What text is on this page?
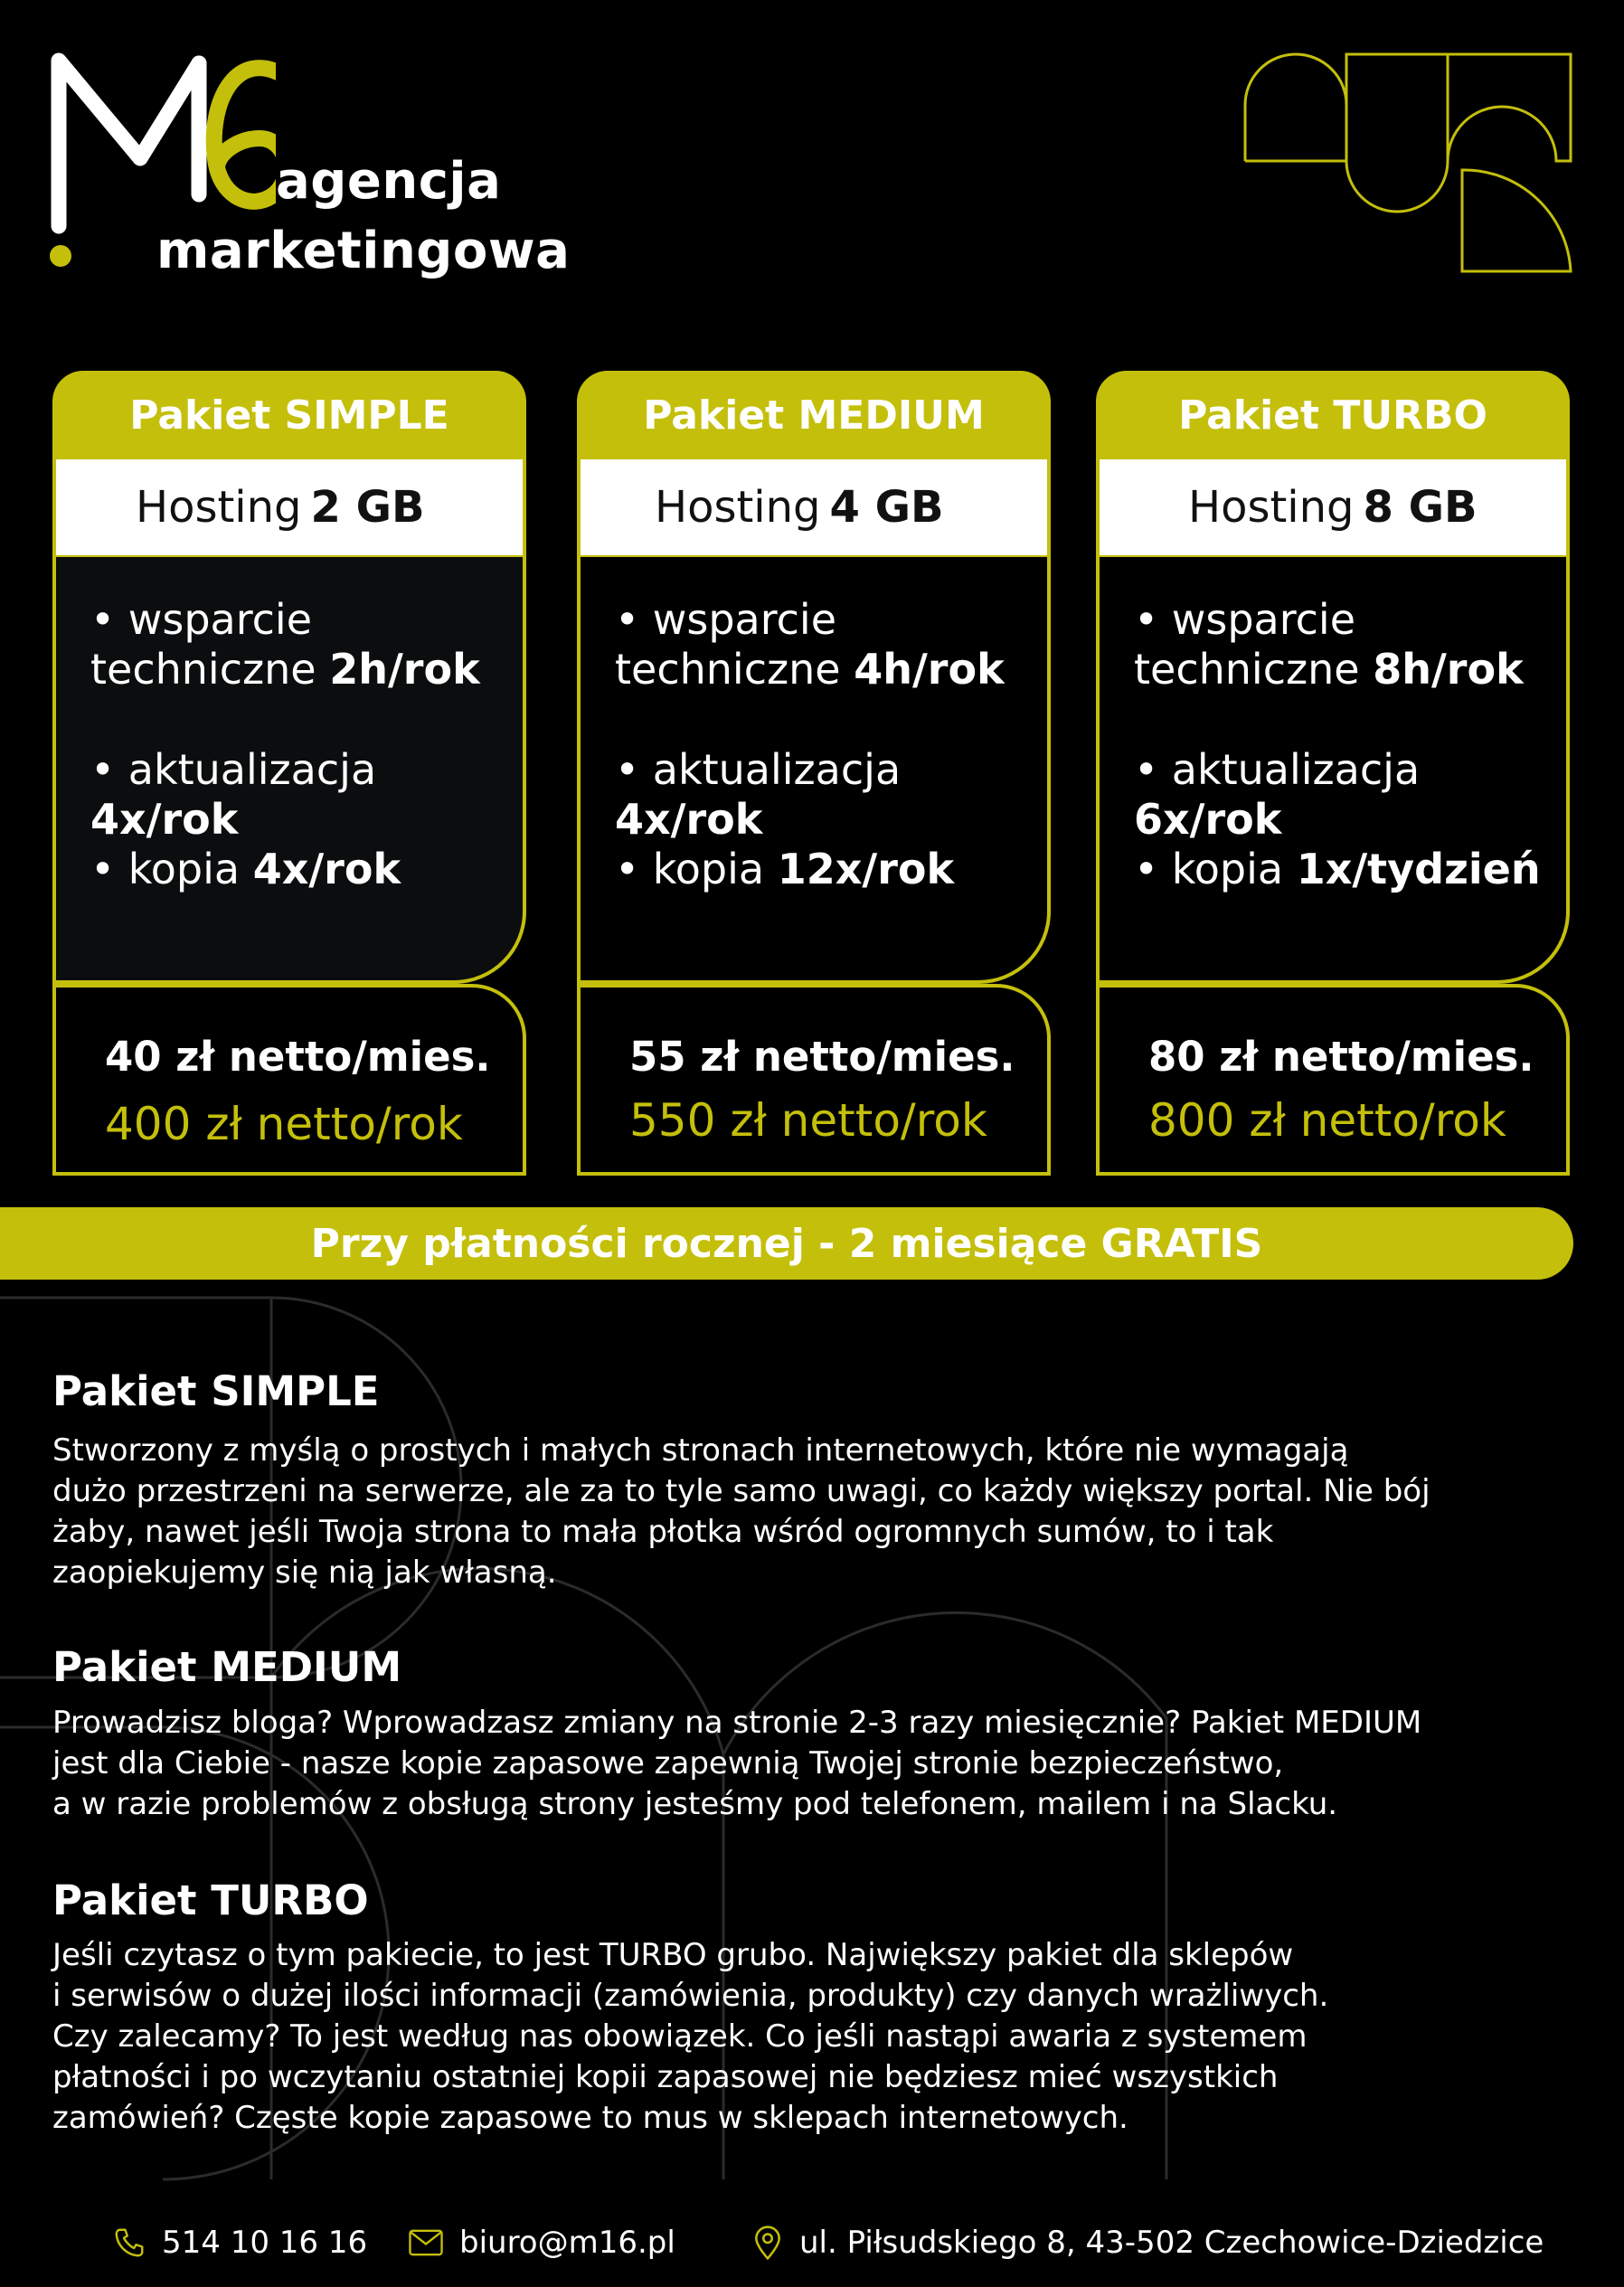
agencja
marketingowa
Pakiet SIMPLE
Hosting 2 GB
• wsparcie techniczne 2h/rok
• aktualizacja 4x/rok
• kopia 4x/rok
40 zł netto/mies.
400 zł netto/rok
Pakiet MEDIUM
Hosting 4 GB
• wsparcie techniczne 4h/rok
• aktualizacja 4x/rok
• kopia 12x/rok
55 zł netto/mies.
550 zł netto/rok
Pakiet TURBO
Hosting 8 GB
• wsparcie techniczne 8h/rok
• aktualizacja 6x/rok
• kopia 1x/tydzień
80 zł netto/mies.
800 zł netto/rok
Przy płatności rocznej - 2 miesiące GRATIS
Pakiet SIMPLE

Stworzony z myślą o prostych i małych stronach internetowych, które nie wymagają
dużo przestrzeni na serwerze, ale za to tyle samo uwagi, co każdy większy portal. Nie bój
żaby, nawet jeśli Twoja strona to mała płotka wśród ogromnych sumów, to i tak
zaopiekujemy się nią jak własną.

Pakiet MEDIUM

Prowadzisz bloga? Wprowadzasz zmiany na stronie 2-3 razy miesięcznie? Pakiet MEDIUM
jest dla Ciebie - nasze kopie zapasowe zapewnią Twojej stronie bezpieczeństwo,
a w razie problemów z obsługą strony jesteśmy pod telefonem, mailem i na Slacku.

Pakiet TURBO

Jeśli czytasz o tym pakiecie, to jest TURBO grubo. Największy pakiet dla sklepów
i serwisów o dużej ilości informacji (zamówienia, produkty) czy danych wrażliwych.
Czy zalecamy? To jest według nas obowiązek. Co jeśli nastąpi awaria z systemem
płatności i po wczytaniu ostatniej kopii zapasowej nie będziesz mieć wszystkich
zamówień? Częste kopie zapasowe to mus w sklepach internetowych.

514 10 16 16	biuro@m16.pl	ul. Piłsudskiego 8, 43-502 Czechowice-Dziedzice
